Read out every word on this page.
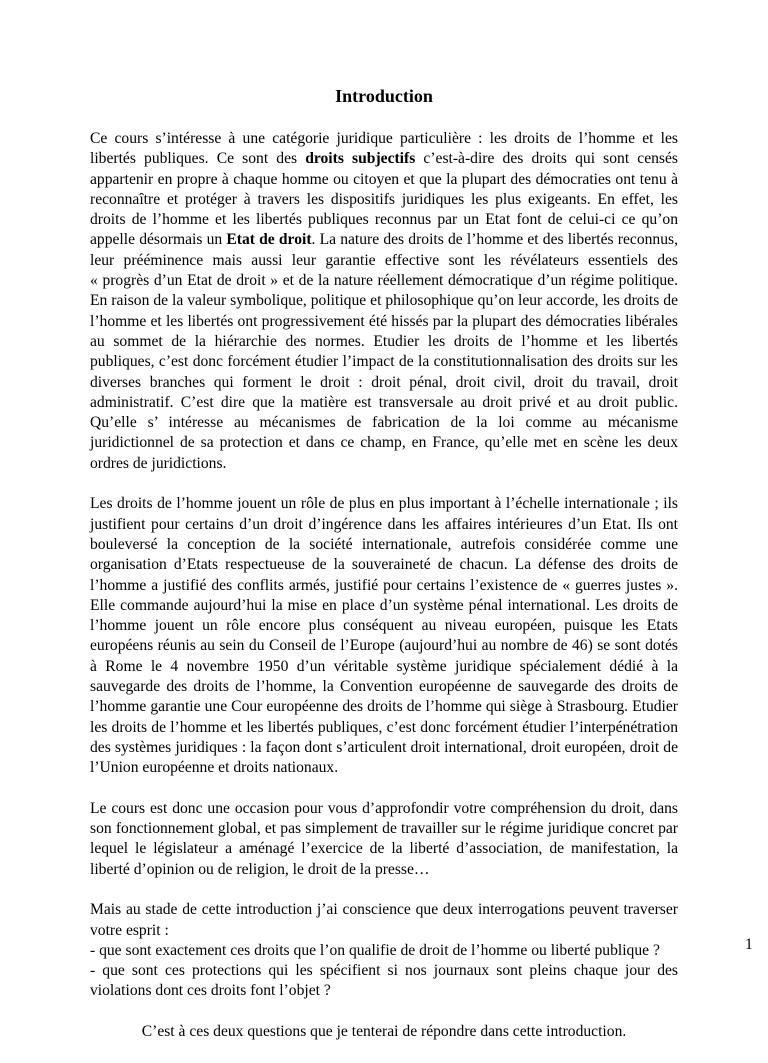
Introduction
Ce cours s’intéresse à une catégorie juridique particulière : les droits de l’homme et les
libertés publiques. Ce sont des droits subjectifs c’est-à-dire des droits qui sont censés
appartenir en propre à chaque homme ou citoyen et que la plupart des démocraties ont tenu à
reconnaître et protéger à travers les dispositifs juridiques les plus exigeants. En effet, les
droits de l’homme et les libertés publiques reconnus par un Etat font de celui-ci ce qu’on
appelle désormais un Etat de droit. La nature des droits de l’homme et des libertés reconnus,
leur prééminence mais aussi leur garantie effective sont les révélateurs essentiels des
« progrès d’un Etat de droit » et de la nature réellement démocratique d’un régime politique.
En raison de la valeur symbolique, politique et philosophique qu’on leur accorde, les droits de
l’homme et les libertés ont progressivement été hissés par la plupart des démocraties libérales
au sommet de la hiérarchie des normes. Etudier les droits de l’homme et les libertés
publiques, c’est donc forcément étudier l’impact de la constitutionnalisation des droits sur les
diverses branches qui forment le droit : droit pénal, droit civil, droit du travail, droit
administratif. C’est dire que la matière est transversale au droit privé et au droit public.
Qu’elle s’ intéresse au mécanismes de fabrication de la loi comme au mécanisme
juridictionnel de sa protection et dans ce champ, en France, qu’elle met en scène les deux
ordres de juridictions.
Les droits de l’homme jouent un rôle de plus en plus important à l’échelle internationale ; ils
justifient pour certains d’un droit d’ingérence dans les affaires intérieures d’un Etat. Ils ont
bouleversé la conception de la société internationale, autrefois considérée comme une
organisation d’Etats respectueuse de la souveraineté de chacun. La défense des droits de
l’homme a justifié des conflits armés, justifié pour certains l’existence de « guerres justes ».
Elle commande aujourd’hui la mise en place d’un système pénal international. Les droits de
l’homme jouent un rôle encore plus conséquent au niveau européen, puisque les Etats
européens réunis au sein du Conseil de l’Europe (aujourd’hui au nombre de 46) se sont dotés
à Rome le 4 novembre 1950 d’un véritable système juridique spécialement dédié à la
sauvegarde des droits de l’homme, la Convention européenne de sauvegarde des droits de
l’homme garantie une Cour européenne des droits de l’homme qui siège à Strasbourg. Etudier
les droits de l’homme et les libertés publiques, c’est donc forcément étudier l’interpénétration
des systèmes juridiques : la façon dont s’articulent droit international, droit européen, droit de
l’Union européenne et droits nationaux.
Le cours est donc une occasion pour vous d’approfondir votre compréhension du droit, dans
son fonctionnement global, et pas simplement de travailler sur le régime juridique concret par
lequel le législateur a aménagé l’exercice de la liberté d’association, de manifestation, la
liberté d’opinion ou de religion, le droit de la presse…
Mais au stade de cette introduction j’ai conscience que deux interrogations peuvent traverser
votre esprit :
- que sont exactement ces droits que l’on qualifie de droit de l’homme ou liberté publique ?
- que sont ces protections qui les spécifient si nos journaux sont pleins chaque jour des
violations dont ces droits font l’objet ?
C’est à ces deux questions que je tenterai de répondre dans cette introduction.
1
